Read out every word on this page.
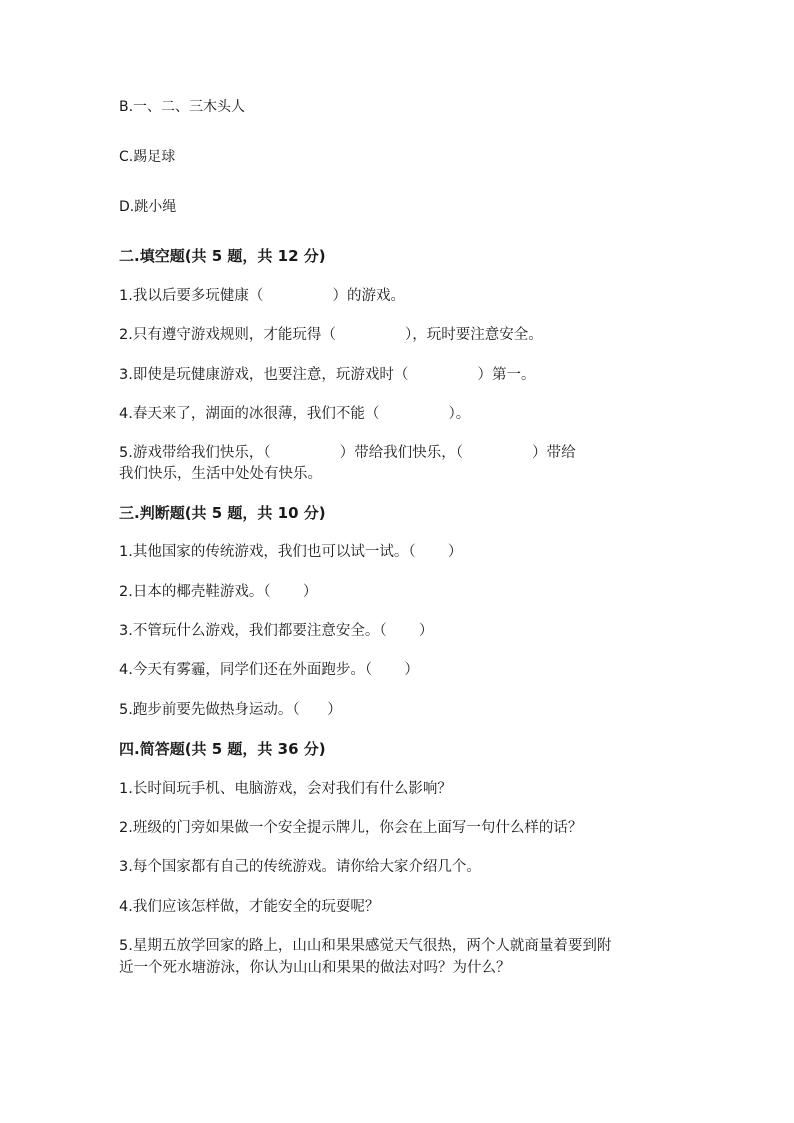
B.一、二、三木头人
C.踢足球
D.跳小绳
二.填空题(共 5 题，共 12 分)
1.我以后要多玩健康（               ）的游戏。
2.只有遵守游戏规则，才能玩得（               ），玩时要注意安全。
3.即使是玩健康游戏，也要注意，玩游戏时（               ）第一。
4.春天来了，湖面的冰很薄，我们不能（               ）。
5.游戏带给我们快乐，（               ）带给我们快乐，（               ）带给
我们快乐，生活中处处有快乐。
三.判断题(共 5 题，共 10 分)
1.其他国家的传统游戏，我们也可以试一试。（       ）
2.日本的椰壳鞋游戏。（       ）
3.不管玩什么游戏，我们都要注意安全。（       ）
4.今天有雾霾，同学们还在外面跑步。（       ）
5.跑步前要先做热身运动。（      ）
四.简答题(共 5 题，共 36 分)
1.长时间玩手机、电脑游戏，会对我们有什么影响？
2.班级的门旁如果做一个安全提示牌儿，你会在上面写一句什么样的话？
3.每个国家都有自己的传统游戏。请你给大家介绍几个。
4.我们应该怎样做，才能安全的玩耍呢？
5.星期五放学回家的路上，山山和果果感觉天气很热，两个人就商量着要到附
近一个死水塘游泳，你认为山山和果果的做法对吗？为什么？
